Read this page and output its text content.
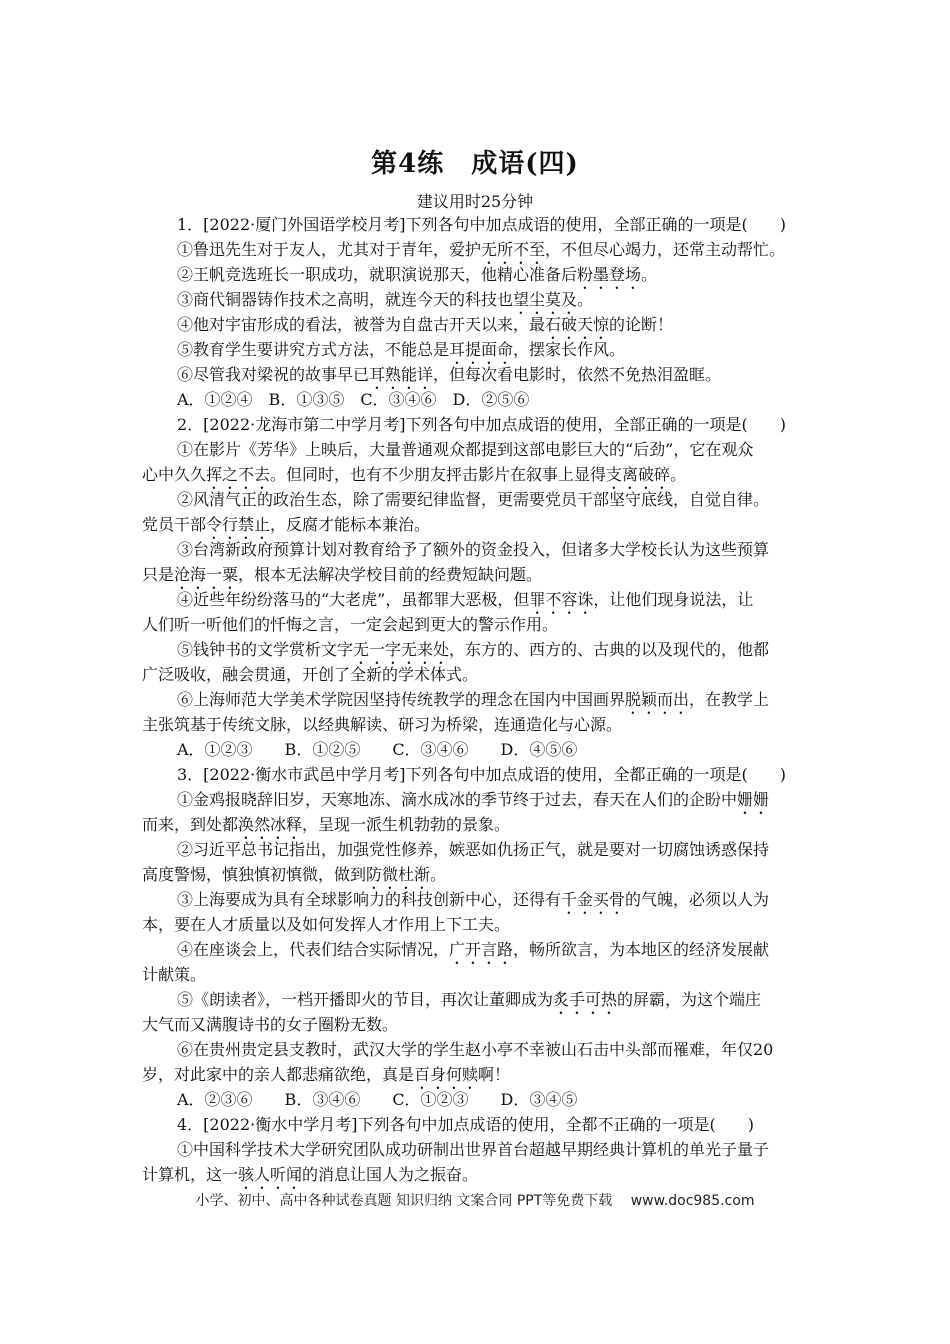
第4练　成语(四)
建议用时25分钟
1．[2022·厦门外国语学校月考]下列各句中加点成语的使用，全部正确的一项是(　　)
①鲁迅先生对于友人，尤其对于青年，爱护无所不至，不但尽心竭力，还常主动帮忙。
②王帆竞选班长一职成功，就职演说那天，他精心准备后粉墨登场。
③商代铜器铸作技术之高明，就连今天的科技也望尘莫及。
④他对宇宙形成的看法，被誉为自盘古开天以来，最石破天惊的论断！
⑤教育学生要讲究方式方法，不能总是耳提面命，摆家长作风。
⑥尽管我对梁祝的故事早已耳熟能详，但每次看电影时，依然不免热泪盈眶。
A．①②④　B．①③⑤　C．③④⑥　D．②⑤⑥
2．[2022·龙海市第二中学月考]下列各句中加点成语的使用，全部正确的一项是(　　)
①在影片《芳华》上映后，大量普通观众都提到这部电影巨大的“后劲”，它在观众
心中久久挥之不去。但同时，也有不少朋友抨击影片在叙事上显得支离破碎。
②风清气正的政治生态，除了需要纪律监督，更需要党员干部坚守底线，自觉自律。
党员干部令行禁止，反腐才能标本兼治。
③台湾新政府预算计划对教育给予了额外的资金投入，但诸多大学校长认为这些预算
只是沧海一粟，根本无法解决学校目前的经费短缺问题。
④近些年纷纷落马的“大老虎”，虽都罪大恶极，但罪不容诛，让他们现身说法，让
人们听一听他们的忏悔之言，一定会起到更大的警示作用。
⑤钱钟书的文学赏析文字无一字无来处，东方的、西方的、古典的以及现代的，他都
广泛吸收，融会贯通，开创了全新的学术体式。
⑥上海师范大学美术学院因坚持传统教学的理念在国内中国画界脱颖而出，在教学上
主张筑基于传统文脉，以经典解读、研习为桥梁，连通造化与心源。
A．①②③　　B．①②⑤　　C．③④⑥　　D．④⑤⑥
3．[2022·衡水市武邑中学月考]下列各句中加点成语的使用，全都正确的一项是(　　)
①金鸡报晓辞旧岁，天寒地冻、滴水成冰的季节终于过去，春天在人们的企盼中姗姗
而来，到处都涣然冰释，呈现一派生机勃勃的景象。
②习近平总书记指出，加强党性修养，嫉恶如仇扬正气，就是要对一切腐蚀诱惑保持
高度警惕，慎独慎初慎微，做到防微杜渐。
③上海要成为具有全球影响力的科技创新中心，还得有千金买骨的气魄，必须以人为
本，要在人才质量以及如何发挥人才作用上下工夫。
④在座谈会上，代表们结合实际情况，广开言路，畅所欲言，为本地区的经济发展献
计献策。
⑤《朗读者》，一档开播即火的节目，再次让董卿成为炙手可热的屏霸，为这个端庄
大气而又满腹诗书的女子圈粉无数。
⑥在贵州贵定县支教时，武汉大学的学生赵小亭不幸被山石击中头部而罹难，年仅20
岁，对此家中的亲人都悲痛欲绝，真是百身何赎啊！
A．②③⑥　　B．③④⑥　　C．①②③　　D．③④⑤
4．[2022·衡水中学月考]下列各句中加点成语的使用，全都不正确的一项是(　　)
①中国科学技术大学研究团队成功研制出世界首台超越早期经典计算机的单光子量子
计算机，这一骇人听闻的消息让国人为之振奋。
小学、初中、高中各种试卷真题 知识归纳 文案合同 PPT等免费下载　 www.doc985.com
